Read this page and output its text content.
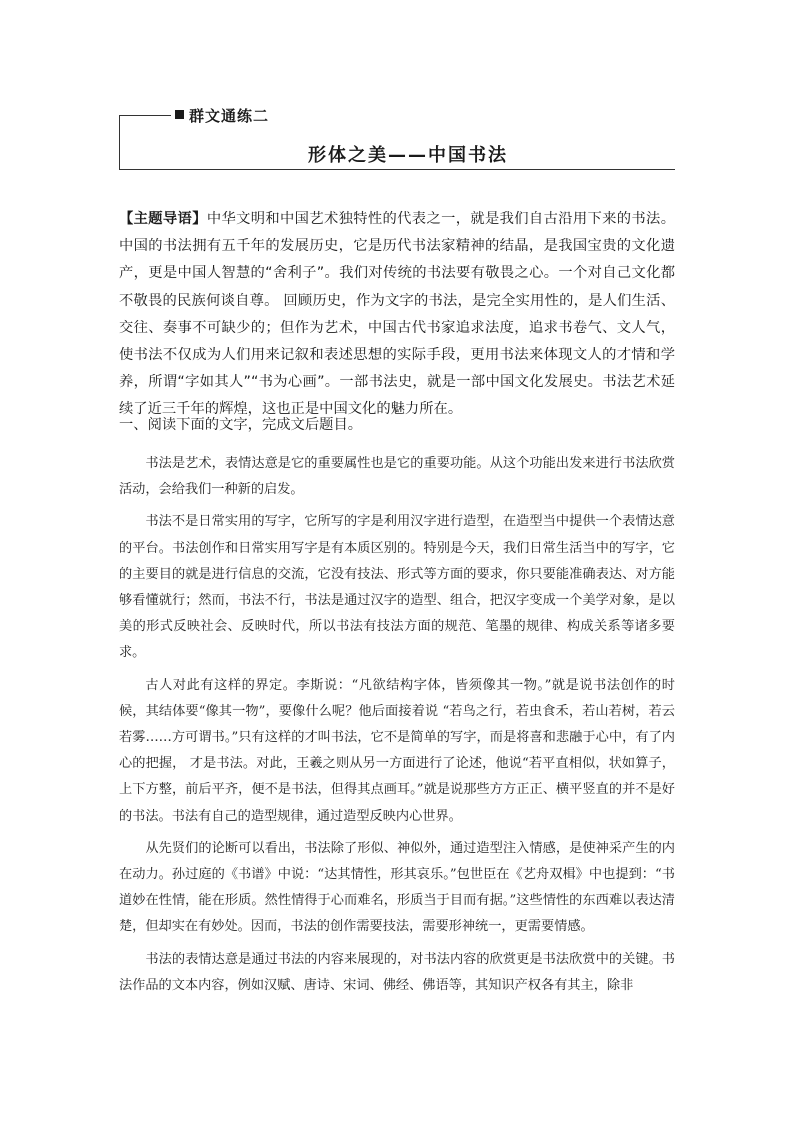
群文通练二
形体之美——中国书法

【主题导语】中华文明和中国艺术独特性的代表之一，就是我们自古沿用下来的书法。中国的书法拥有五千年的发展历史，它是历代书法家精神的结晶，是我国宝贵的文化遗产，更是中国人智慧的“舍利子”。我们对传统的书法要有敬畏之心。一个对自己文化都不敬畏的民族何谈自尊。 回顾历史，作为文字的书法，是完全实用性的，是人们生活、交往、奏事不可缺少的；但作为艺术，中国古代书家追求法度，追求书卷气、文人气，使书法不仅成为人们用来记叙和表述思想的实际手段，更用书法来体现文人的才情和学养，所谓“字如其人”“书为心画”。一部书法史，就是一部中国文化发展史。书法艺术延续了近三千年的辉煌，这也正是中国文化的魅力所在。

一、阅读下面的文字，完成文后题目。

书法是艺术，表情达意是它的重要属性也是它的重要功能。从这个功能出发来进行书法欣赏活动，会给我们一种新的启发。

书法不是日常实用的写字，它所写的字是利用汉字进行造型，在造型当中提供一个表情达意的平台。书法创作和日常实用写字是有本质区别的。特别是今天，我们日常生活当中的写字，它的主要目的就是进行信息的交流，它没有技法、形式等方面的要求，你只要能准确表达、对方能够看懂就行；然而，书法不行，书法是通过汉字的造型、组合，把汉字变成一个美学对象，是以美的形式反映社会、反映时代，所以书法有技法方面的规范、笔墨的规律、构成关系等诸多要求。

古人对此有这样的界定。李斯说：“凡欲结构字体，皆须像其一物。”就是说书法创作的时候，其结体要“像其一物”，要像什么呢？他后面接着说 “若鸟之行，若虫食禾，若山若树，若云若雾……方可谓书。”只有这样的才叫书法，它不是简单的写字，而是将喜和悲融于心中，有了内心的把握， 才是书法。对此，王羲之则从另一方面进行了论述，他说“若平直相似，状如算子，上下方整，前后平齐，便不是书法，但得其点画耳。”就是说那些方方正正、横平竖直的并不是好的书法。书法有自己的造型规律，通过造型反映内心世界。

从先贤们的论断可以看出，书法除了形似、神似外，通过造型注入情感，是使神采产生的内在动力。孙过庭的《书谱》中说：“达其情性，形其哀乐。”包世臣在《艺舟双楫》中也提到：“书道妙在性情，能在形质。然性情得于心而难名，形质当于目而有据。”这些情性的东西难以表达清楚，但却实在有妙处。因而，书法的创作需要技法，需要形神统一，更需要情感。

书法的表情达意是通过书法的内容来展现的，对书法内容的欣赏更是书法欣赏中的关键。书法作品的文本内容，例如汉赋、唐诗、宋词、佛经、佛语等，其知识产权各有其主，除非
